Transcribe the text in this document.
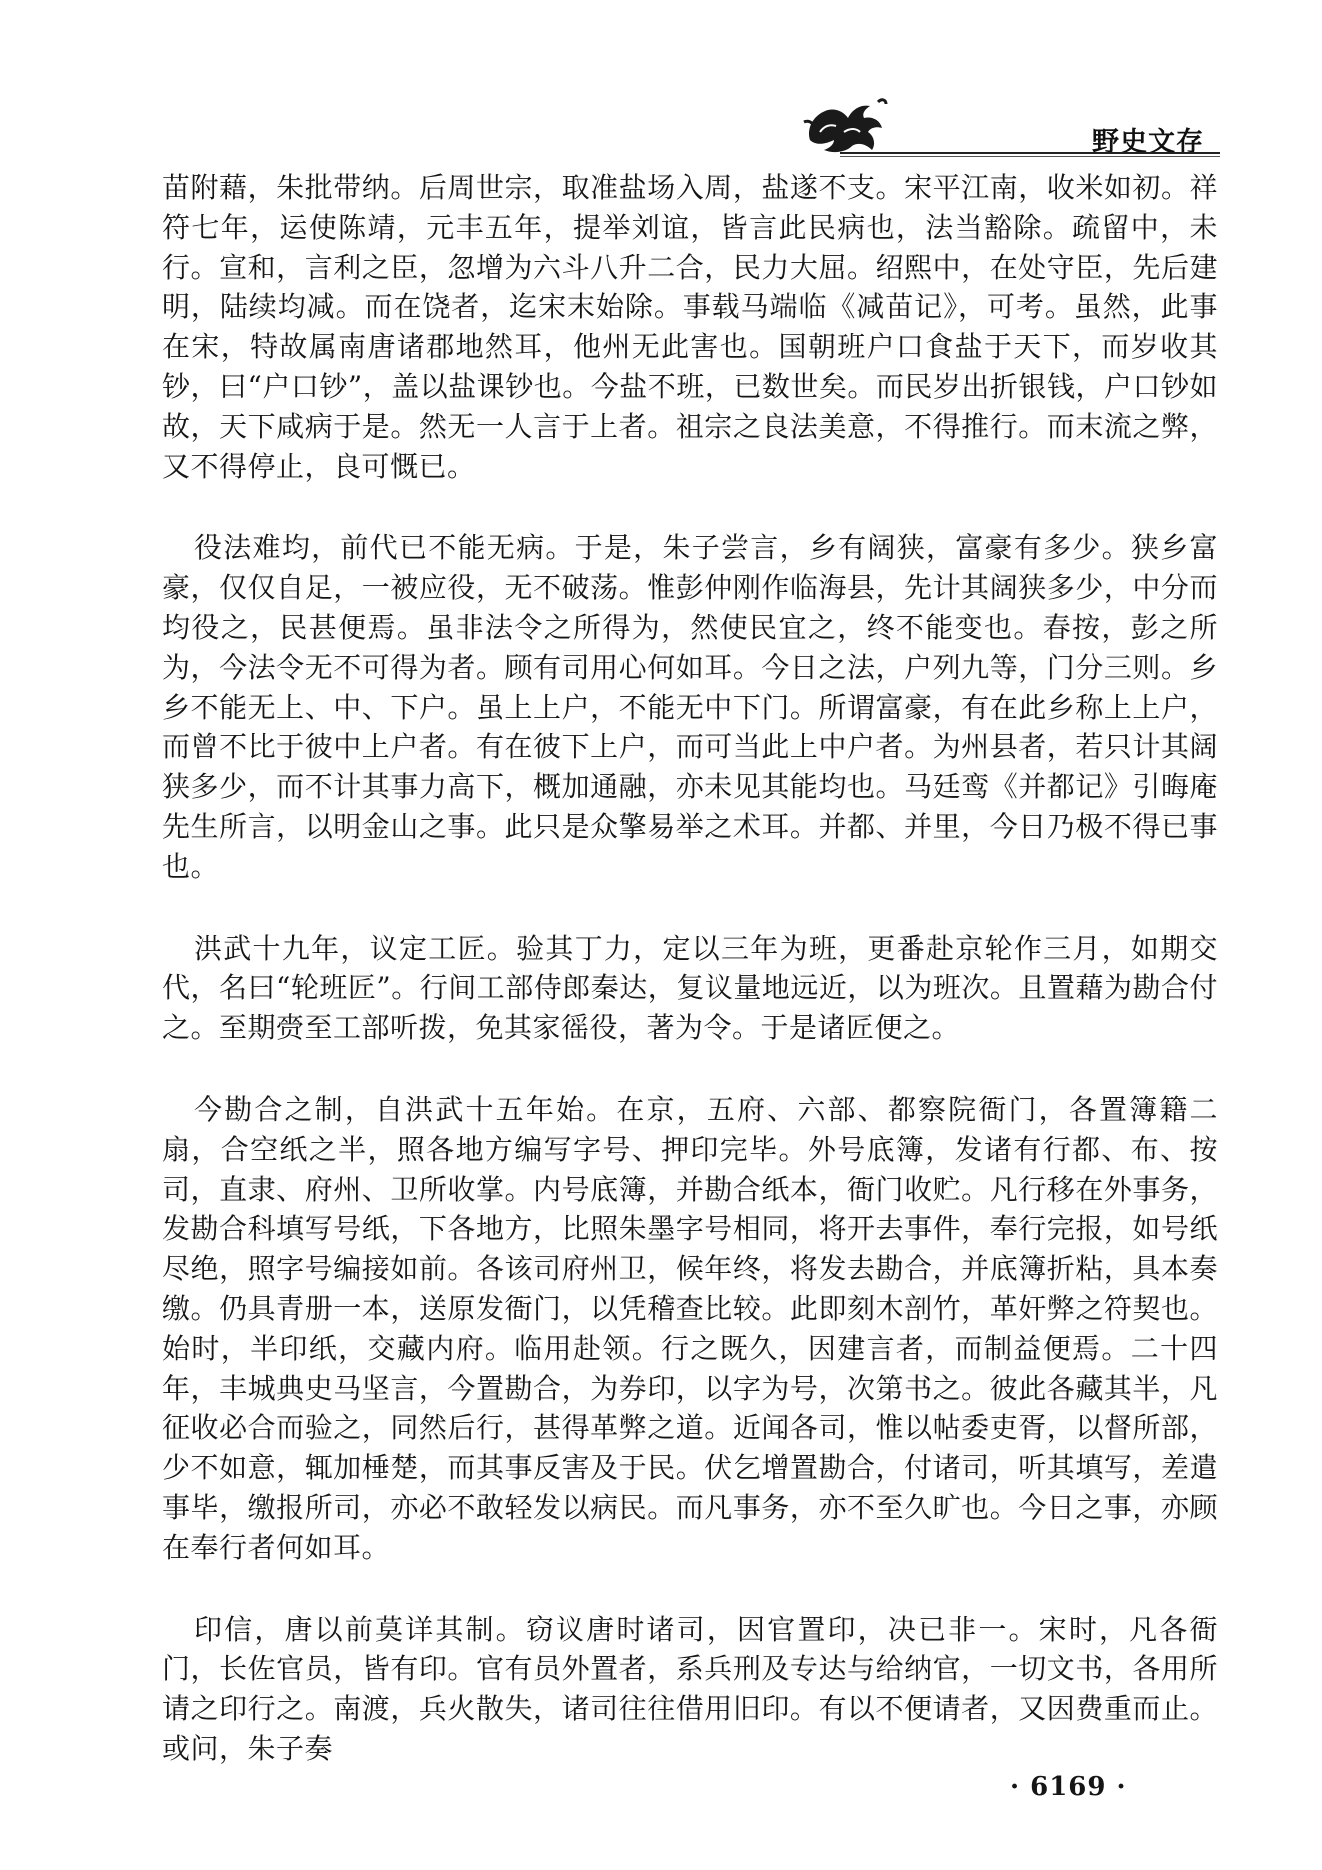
野史文存

苗附藉，朱批带纳。后周世宗，取准盐场入周，盐遂不支。宋平江南，收米如初。祥符七年，运使陈靖，元丰五年，提举刘谊，皆言此民病也，法当豁除。疏留中，未行。宣和，言利之臣，忽增为六斗八升二合，民力大屈。绍熙中，在处守臣，先后建明，陆续均减。而在饶者，迄宋末始除。事载马端临《减苗记》，可考。虽然，此事在宋，特故属南唐诸郡地然耳，他州无此害也。国朝班户口食盐于天下，而岁收其钞，曰“户口钞”，盖以盐课钞也。今盐不班，已数世矣。而民岁出折银钱，户口钞如故，天下咸病于是。然无一人言于上者。祖宗之良法美意，不得推行。而末流之弊，又不得停止，良可慨已。

役法难均，前代已不能无病。于是，朱子尝言，乡有阔狭，富豪有多少。狭乡富豪，仅仅自足，一被应役，无不破荡。惟彭仲刚作临海县，先计其阔狭多少，中分而均役之，民甚便焉。虽非法令之所得为，然使民宜之，终不能变也。春按，彭之所为，今法令无不可得为者。顾有司用心何如耳。今日之法，户列九等，门分三则。乡乡不能无上、中、下户。虽上上户，不能无中下门。所谓富豪，有在此乡称上上户，而曾不比于彼中上户者。有在彼下上户，而可当此上中户者。为州县者，若只计其阔狭多少，而不计其事力高下，概加通融，亦未见其能均也。马廷鸾《并都记》引晦庵先生所言，以明金山之事。此只是众擎易举之术耳。并都、并里，今日乃极不得已事也。

洪武十九年，议定工匠。验其丁力，定以三年为班，更番赴京轮作三月，如期交代，名曰“轮班匠”。行间工部侍郎秦达，复议量地远近，以为班次。且置藉为勘合付之。至期赍至工部听拨，免其家徭役，著为令。于是诸匠便之。

今勘合之制，自洪武十五年始。在京，五府、六部、都察院衙门，各置簿籍二扇，合空纸之半，照各地方编写字号、押印完毕。外号底簿，发诸有行都、布、按司，直隶、府州、卫所收掌。内号底簿，并勘合纸本，衙门收贮。凡行移在外事务，发勘合科填写号纸，下各地方，比照朱墨字号相同，将开去事件，奉行完报，如号纸尽绝，照字号编接如前。各该司府州卫，候年终，将发去勘合，并底簿折粘，具本奏缴。仍具青册一本，送原发衙门，以凭稽查比较。此即刻木剖竹，革奸弊之符契也。始时，半印纸，交藏内府。临用赴领。行之既久，因建言者，而制益便焉。二十四年，丰城典史马坚言，今置勘合，为券印，以字为号，次第书之。彼此各藏其半，凡征收必合而验之，同然后行，甚得革弊之道。近闻各司，惟以帖委吏胥，以督所部，少不如意，辄加棰楚，而其事反害及于民。伏乞增置勘合，付诸司，听其填写，差遣事毕，缴报所司，亦必不敢轻发以病民。而凡事务，亦不至久旷也。今日之事，亦顾在奉行者何如耳。

印信，唐以前莫详其制。窃议唐时诸司，因官置印，决已非一。宋时，凡各衙门，长佐官员，皆有印。官有员外置者，系兵刑及专达与给纳官，一切文书，各用所请之印行之。南渡，兵火散失，诸司往往借用旧印。有以不便请者，又因费重而止。或问，朱子奏

· 6169 ·
